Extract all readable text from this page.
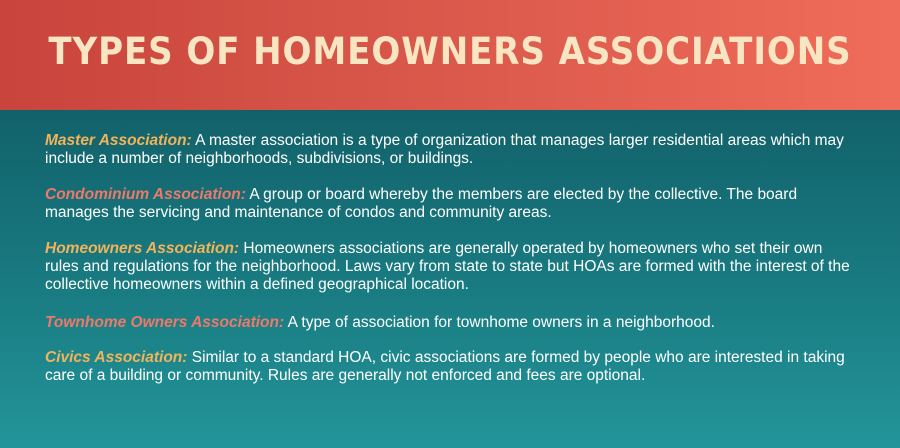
TYPES OF HOMEOWNERS ASSOCIATIONS

Master Association: A master association is a type of organization that manages larger residential areas which may include a number of neighborhoods, subdivisions, or buildings.

Condominium Association: A group or board whereby the members are elected by the collective. The board manages the servicing and maintenance of condos and community areas.

Homeowners Association: Homeowners associations are generally operated by homeowners who set their own rules and regulations for the neighborhood. Laws vary from state to state but HOAs are formed with the interest of the collective homeowners within a defined geographical location.

Townhome Owners Association: A type of association for townhome owners in a neighborhood.

Civics Association: Similar to a standard HOA, civic associations are formed by people who are interested in taking care of a building or community. Rules are generally not enforced and fees are optional.
